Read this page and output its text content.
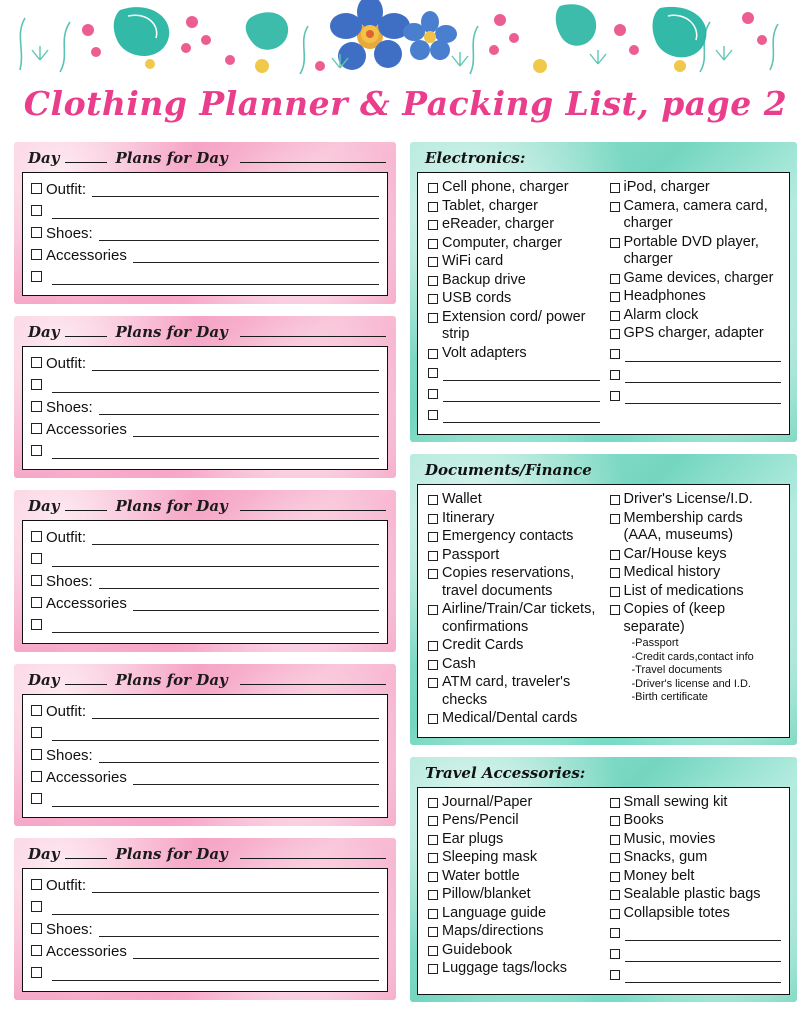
Clothing Planner & Packing List, page 2
Day	Plans for Day
Outfit:
Shoes:
Accessories
Day	Plans for Day
Outfit:
Shoes:
Accessories
Day	Plans for Day
Outfit:
Shoes:
Accessories
Day	Plans for Day
Outfit:
Shoes:
Accessories
Day	Plans for Day
Outfit:
Shoes:
Accessories
Electronics:
Cell phone, charger
Tablet, charger
eReader, charger
Computer, charger
WiFi card
Backup drive
USB cords
Extension cord/ power strip
Volt adapters
iPod, charger
Camera, camera card, charger
Portable DVD player, charger
Game devices, charger
Headphones
Alarm clock
GPS charger, adapter
Documents/Finance
Wallet
Itinerary
Emergency contacts
Passport
Copies reservations, travel documents
Airline/Train/Car tickets, confirmations
Credit Cards
Cash
ATM card, traveler's checks
Medical/Dental cards
Driver's License/I.D.
Membership cards (AAA, museums)
Car/House keys
Medical history
List of medications
Copies of (keep separate)
-Passport
-Credit cards,contact info
-Travel documents
-Driver's license and I.D.
-Birth certificate
Travel Accessories:
Journal/Paper
Pens/Pencil
Ear plugs
Sleeping mask
Water bottle
Pillow/blanket
Language guide
Maps/directions
Guidebook
Luggage tags/locks
Small sewing kit
Books
Music, movies
Snacks, gum
Money belt
Sealable plastic bags
Collapsible totes
